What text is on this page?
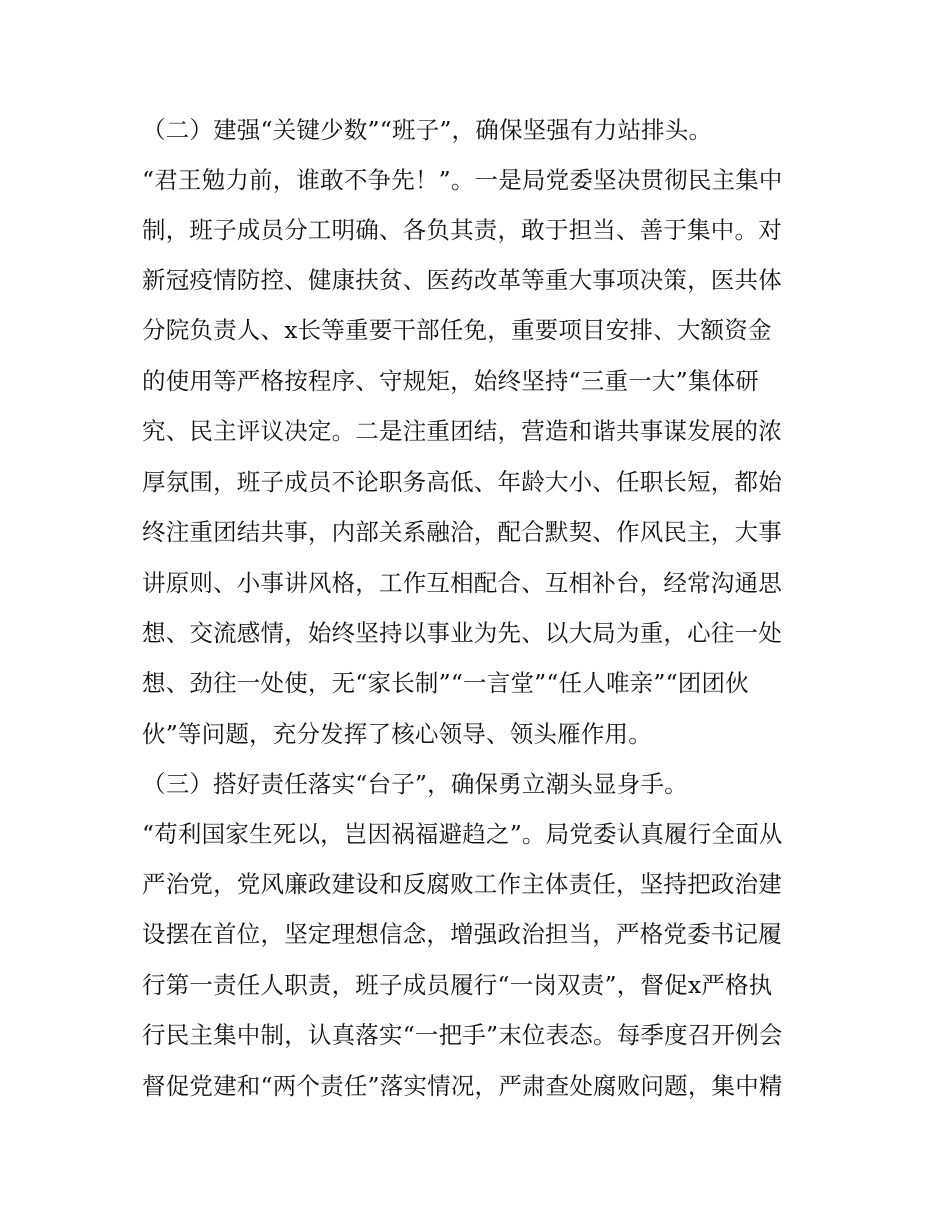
（二）建强“关键少数”“班子”，确保坚强有力站排头。
“君王勉力前，谁敢不争先！”。一是局党委坚决贯彻民主集中
制，班子成员分工明确、各负其责，敢于担当、善于集中。对
新冠疫情防控、健康扶贫、医药改革等重大事项决策，医共体
分院负责人、x长等重要干部任免，重要项目安排、大额资金
的使用等严格按程序、守规矩，始终坚持“三重一大”集体研
究、民主评议决定。二是注重团结，营造和谐共事谋发展的浓
厚氛围，班子成员不论职务高低、年龄大小、任职长短，都始
终注重团结共事，内部关系融洽，配合默契、作风民主，大事
讲原则、小事讲风格，工作互相配合、互相补台，经常沟通思
想、交流感情，始终坚持以事业为先、以大局为重，心往一处
想、劲往一处使，无“家长制”“一言堂”“任人唯亲”“团团伙
伙”等问题，充分发挥了核心领导、领头雁作用。
（三）搭好责任落实“台子”，确保勇立潮头显身手。
“苟利国家生死以，岂因祸福避趋之”。局党委认真履行全面从
严治党，党风廉政建设和反腐败工作主体责任，坚持把政治建
设摆在首位，坚定理想信念，增强政治担当，严格党委书记履
行第一责任人职责，班子成员履行“一岗双责”，督促x严格执
行民主集中制，认真落实“一把手”末位表态。每季度召开例会
督促党建和“两个责任”落实情况，严肃查处腐败问题，集中精
